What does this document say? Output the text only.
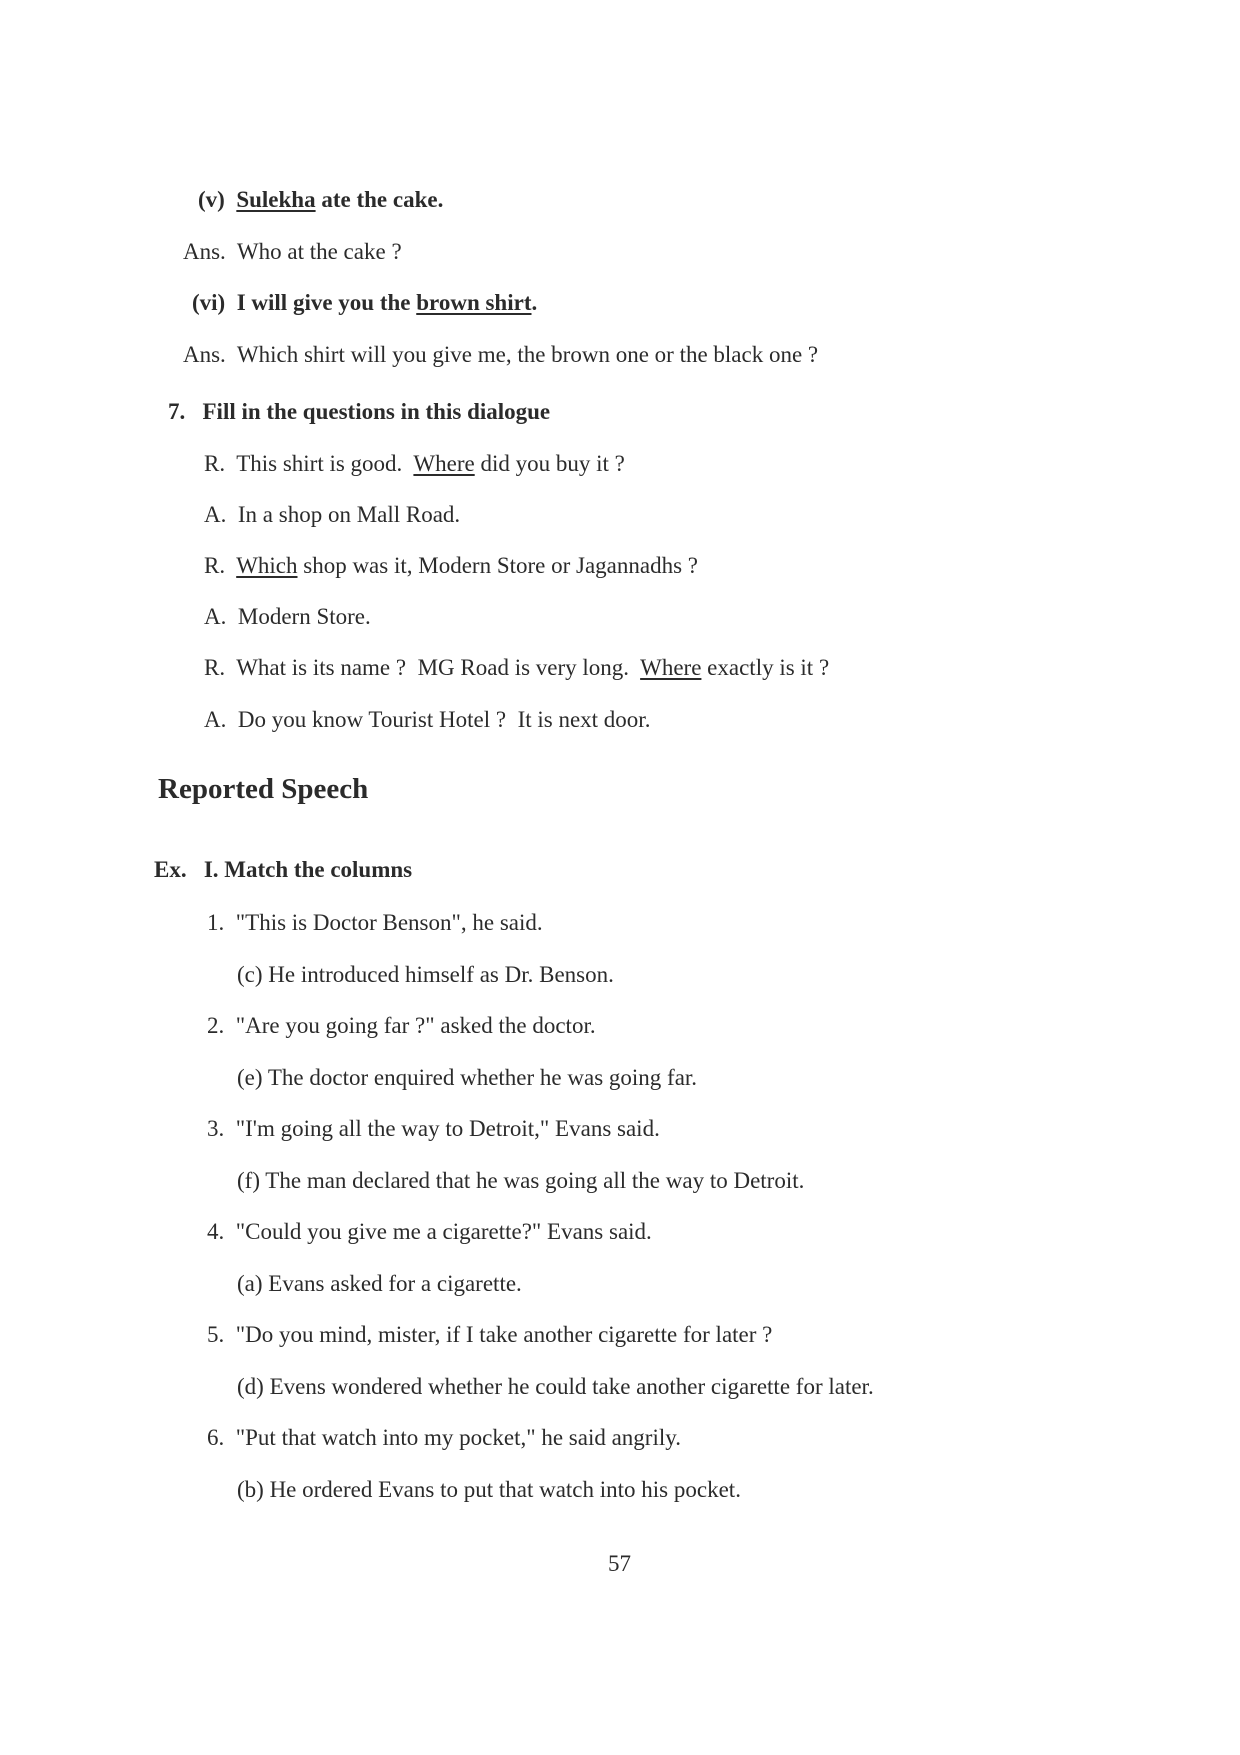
(v) Sulekha ate the cake.
Ans. Who at the cake ?
(vi) I will give you the brown shirt.
Ans. Which shirt will you give me, the brown one or the black one ?
7. Fill in the questions in this dialogue
R. This shirt is good.  Where did you buy it ?
A. In a shop on Mall Road.
R. Which shop was it, Modern Store or Jagannadhs ?
A. Modern Store.
R. What is its name ?  MG Road is very long.  Where exactly is it ?
A. Do you know Tourist Hotel ?  It is next door.
Reported Speech
Ex. I. Match the columns
1. "This is Doctor Benson", he said.
(c) He introduced himself as Dr. Benson.
2. "Are you going far ?" asked the doctor.
(e) The doctor enquired whether he was going far.
3. "I'm going all the way to Detroit," Evans said.
(f) The man declared that he was going all the way to Detroit.
4. "Could you give me a cigarette?" Evans said.
(a) Evans asked for a cigarette.
5. "Do you mind, mister, if I take another cigarette for later ?
(d) Evens wondered whether he could take another cigarette for later.
6. "Put that watch into my pocket," he said angrily.
(b) He ordered Evans to put that watch into his pocket.
57
